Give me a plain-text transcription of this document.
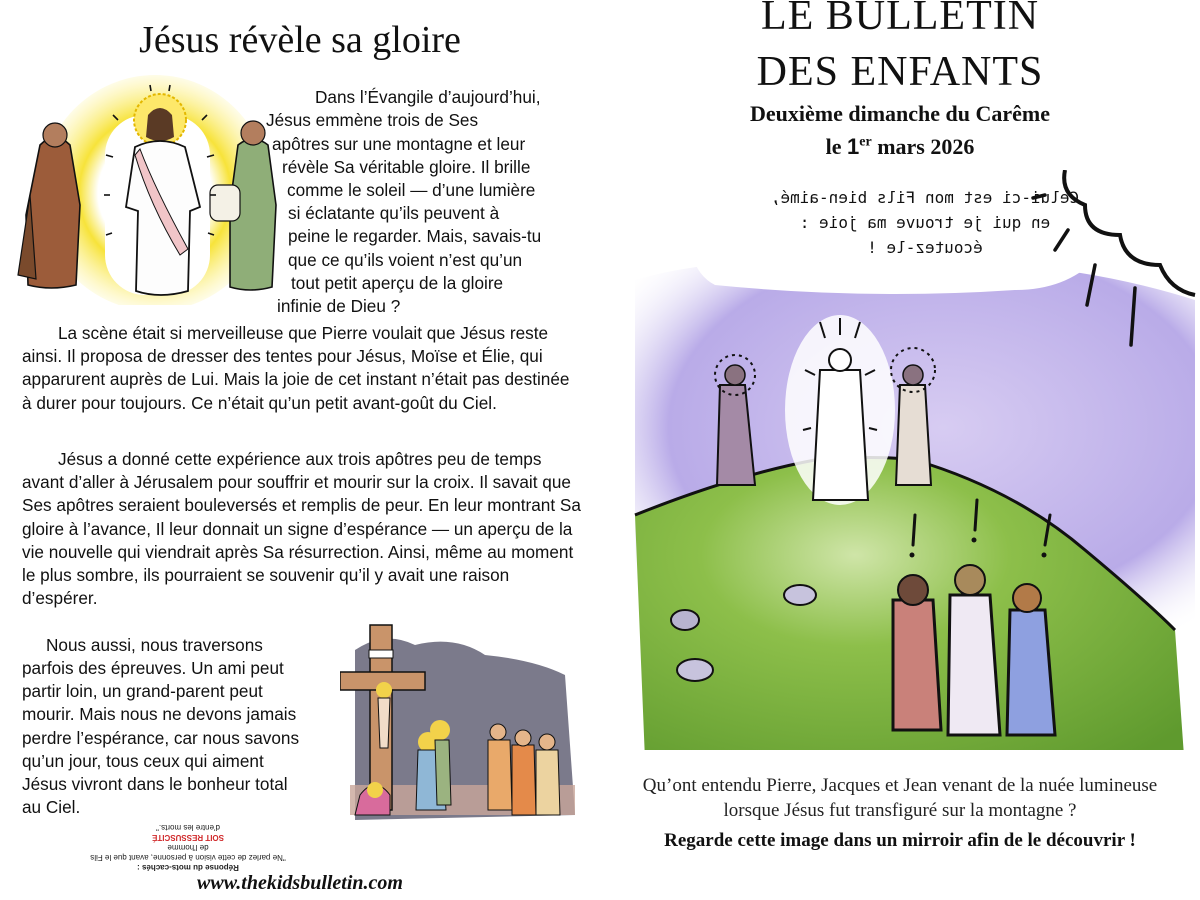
Jésus révèle sa gloire
Dans l’Évangile d’aujourd’hui,
Jésus emmène trois de Ses
apôtres sur une montagne et leur
révèle Sa véritable gloire. Il brille
comme le soleil — d’une lumière
si éclatante qu’ils peuvent à
peine le regarder. Mais, savais-tu
que ce qu’ils voient n’est qu’un
tout petit aperçu de la gloire
infinie de Dieu ?

La scène était si merveilleuse que Pierre voulait que Jésus reste ainsi. Il proposa de dresser des tentes pour Jésus, Moïse et Élie, qui apparurent auprès de Lui. Mais la joie de cet instant n’était pas destinée à durer pour toujours. Ce n’était qu’un petit avant-goût du Ciel.

Jésus a donné cette expérience aux trois apôtres peu de temps avant d’aller à Jérusalem pour souffrir et mourir sur la croix. Il savait que Ses apôtres seraient bouleversés et remplis de peur. En leur montrant Sa gloire à l’avance, Il leur donnait un signe d’espérance — un aperçu de la vie nouvelle qui viendrait après Sa résurrection. Ainsi, même au moment le plus sombre, ils pourraient se souvenir qu’il y avait une raison d’espérer.

Nous aussi, nous traversons
parfois des épreuves. Un ami peut
partir loin, un grand-parent peut
mourir. Mais nous ne devons jamais
perdre l’espérance, car nous savons
qu’un jour, tous ceux qui aiment
Jésus vivront dans le bonheur total
au Ciel.
Réponse du mots-cachés :
"Ne parlez de cette vision à personne, avant que le Fils de l'homme
SOIT RESSUSCITÉ
d'entre les morts."
www.thekidsbulletin.com
LE BULLETIN
DES ENFANTS
Deuxième dimanche du Carême
le 1er mars 2026
Celui-ci est mon Fils bien-aimé,
en qui je trouve ma joie :
écoutez-le !
Qu’ont entendu Pierre, Jacques et Jean venant de la nuée lumineuse lorsque Jésus fut transfiguré sur la montagne ?
Regarde cette image dans un mirroir afin de le découvrir !
